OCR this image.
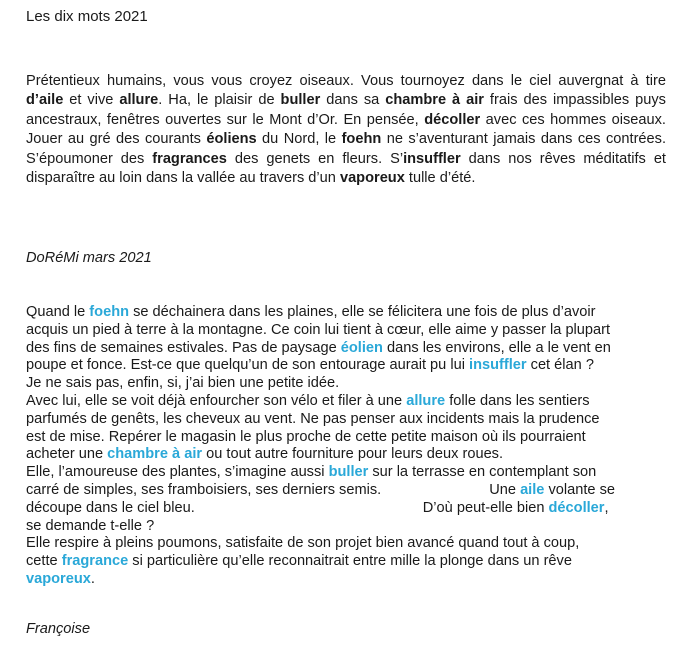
Les dix mots 2021
Prétentieux humains, vous vous croyez oiseaux. Vous tournoyez dans le ciel auvergnat à tire d’aile et vive allure. Ha, le plaisir de buller dans sa chambre à air frais des impassibles puys ancestraux, fenêtres ouvertes sur le Mont d’Or. En pensée, décoller avec ces hommes oiseaux. Jouer au gré des courants éoliens du Nord, le foehn ne s’aventurant jamais dans ces contrées. S’époumoner des fragrances des genets en fleurs. S’insuffler dans nos rêves méditatifs et disparaître au loin dans la vallée au travers d’un vaporeux tulle d’été.
DoRéMi mars 2021
Quand le foehn se déchainera dans les plaines, elle se félicitera une fois de plus d’avoir
acquis un pied à terre à la montagne. Ce coin lui tient à cœur, elle aime y passer la plupart
des fins de semaines estivales. Pas de paysage éolien dans les environs, elle a le vent en
poupe et fonce. Est-ce que quelqu’un de son entourage aurait pu lui insuffler cet élan ?
Je ne sais pas, enfin, si, j’ai bien une petite idée.
Avec lui, elle se voit déjà enfourcher son vélo et filer à une allure folle dans les sentiers
parfumés de genêts, les cheveux au vent. Ne pas penser aux incidents mais la prudence
est de mise. Repérer le magasin le plus proche de cette petite maison où ils pourraient
acheter une chambre à air ou tout autre fourniture pour leurs deux roues.
Elle, l’amoureuse des plantes, s’imagine aussi buller sur la terrasse en contemplant son
carré de simples, ses framboisiers, ses derniers semis.	Une aile volante se
découpe dans le ciel bleu.	D’où peut-elle bien décoller,
se demande t-elle ?
Elle respire à pleins poumons, satisfaite de son projet bien avancé quand tout à coup,
cette fragrance si particulière qu’elle reconnaitrait entre mille la plonge dans un rêve
vaporeux.
Françoise
